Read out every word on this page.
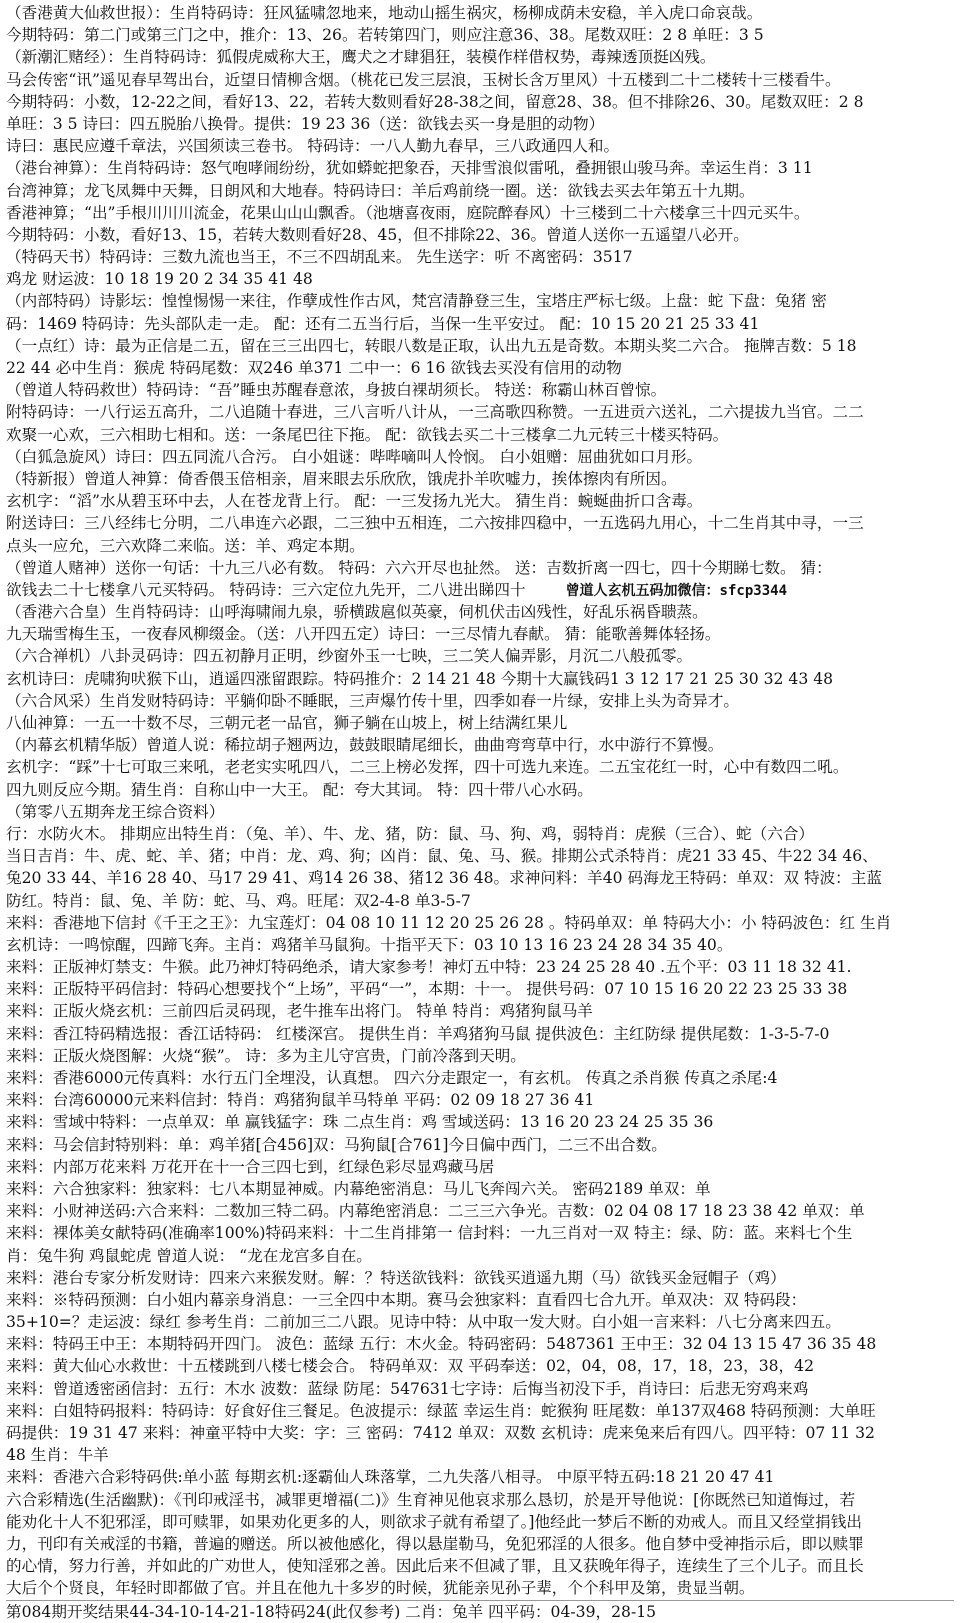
（香港黄大仙救世报）：生肖特码诗：狂风猛啸忽地来，地动山摇生祸灾，杨柳成荫未安稳，羊入虎口命哀哉。
今期特码：第二门或第三门之中，推介：13、26。若转第四门，则应注意36、38。尾数双旺：2 8 单旺：3 5
（新潮汇赌经）：生肖特码诗：狐假虎威称大王，鹰犬之才肆猖狂，装模作样借权势，毒辣透顶挺凶残。
马会传密“讯”遥见春早驾出台，近望日情柳含烟。（桃花已发三层浪，玉树长含万里风）十五楼到二十二楼转十三楼看牛。
今期特码：小数，12-22之间，看好13、22，若转大数则看好28-38之间，留意28、38。但不排除26、30。尾数双旺：2 8
单旺：3 5 诗曰：四五脱胎八换骨。提供：19 23 36（送：欲钱去买一身是胆的动物）
诗曰：惠民应遵千章法，兴国须读三卷书。 特码诗：一八人勤九春早，三八政通四人和。
（港台神算）：生肖特码诗：怒气咆哮闹纷纷，犹如蟒蛇把象吞，天排雪浪似雷吼，叠拥银山骏马奔。幸运生肖：3 11
台湾神算；龙飞凤舞中天舞，日朗风和大地春。特码诗曰：羊后鸡前绕一圈。送：欲钱去买去年第五十九期。
香港神算；“出”手根川川川流金，花果山山山飘香。（池塘喜夜雨，庭院醉春风）十三楼到二十六楼拿三十四元买牛。
今期特码：小数，看好13、15，若转大数则看好28、45，但不排除22、36。曾道人送你一五遥望八必开。
（特码天书）特码诗：三数九流也当王，不三不四胡乱来。 先生送字：听 不离密码：3517
鸡龙 财运波：10 18 19 20 2 34 35 41 48
（内部特码）诗影坛：惶惶惕惕一来往，作孽成性作古风，梵宫清静登三生，宝塔庄严标七级。上盘：蛇 下盘：兔猪 密
码：1469 特码诗：先头部队走一走。 配：还有二五当行后，当保一生平安过。 配：10 15 20 21 25 33 41
（一点红）诗：最为正信是二五，留在三三出四七，转眼八数是正取，认出九五是奇数。本期头奖二六合。 拖牌吉数：5 18
22 44 必中生肖：猴虎 特码尾数：双246 单371 二中一：6 16 欲钱去买没有信用的动物
（曾道人特码救世）特码诗：“吾”睡虫苏醒春意浓，身披白裸胡须长。 特送：称霸山林百曾惊。
附特码诗：一八行运五高升，二八追随十春进，三八言听八计从，一三高歌四称赞。一五进贡六送礼，二六提拔九当官。二二
欢聚一心欢，三六相助七相和。送：一条尾巴往下拖。 配：欲钱去买二十三楼拿二九元转三十楼买特码。
（白狐急旋风）诗曰：四五同流八合污。 白小姐谜：哔哔嘀叫人怜悯。 白小姐赠：屈曲犹如口月形。
（特新报）曾道人神算：倚香偎玉倍相亲，眉来眼去乐欣欣，饿虎扑羊吹嘘力，挨体擦肉有所因。
玄机字：“滔”水从碧玉环中去，人在苍龙背上行。 配：一三发扬九光大。 猜生肖：蜿蜒曲折口含毒。
附送诗曰：三八经纬七分明，二八串连六必跟，二三独中五相连，二六按排四稳中，一五选码九用心，十二生肖其中寻，一三
点头一应允，三六欢降二来临。送：羊、鸡定本期。
（曾道人赌神）送你一句话：十九三八必有数。 特码：六六开尽也扯然。 送：吉数折离一四七，四十今期睇七数。 猜：
欲钱去二十七楼拿八元买特码。 特码诗：三六定位九先开，二八进出睇四十	曾道人玄机五码加微信：sfcp3344
（香港六合皇）生肖特码诗：山呼海啸闹九泉，骄横跋扈似英豪，伺机伏击凶残性，好乱乐祸昏聩蒸。
九天瑞雪梅生玉，一夜春风柳缀金。（送：八开四五定）诗曰：一三尽情九春献。 猜：能歌善舞体轻扬。
（六合禅机）八卦灵码诗：四五初静月正明，纱窗外玉一七映，三二笑人偏弄影，月沉二八般孤零。
玄机诗曰：虎啸狗吠猴下山，逍遥四涨留跟踪。特码推介：2 14 21 48 今期十大赢钱码1 3 12 17 21 25 30 32 43 48
（六合风采）生肖发财特码诗：平躺仰卧不睡眠，三声爆竹传十里，四季如春一片绿，安排上头为奇异才。
八仙神算：一五一十数不尽，三朝元老一品官，狮子躺在山坡上，树上结满红果儿
（内幕玄机精华版）曾道人说：稀拉胡子翘两边，鼓鼓眼睛尾细长，曲曲弯弯草中行，水中游行不算慢。
玄机字：“踩”十七可取三来吼，老老实实吼四八，二三上榜必发挥，四十可选九来连。二五宝花红一时，心中有数四二吼。
四九则反应今期。猜生肖：自称山中一大王。 配：夸大其词。 特：四十带八心水码。
（第零八五期奔龙王综合资料）
行：水防火木。 排期应出特生肖：（兔、羊）、牛、龙、猪，防：鼠、马、狗、鸡，弱特肖：虎猴（三合）、蛇（六合）
当日吉肖：牛、虎、蛇、羊、猪；中肖：龙、鸡、狗；凶肖：鼠、兔、马、猴。排期公式杀特肖：虎21 33 45、牛22 34 46、
兔20 33 44、羊16 28 40、马17 29 41、鸡14 26 38、猪12 36 48。求神问料：羊40 码海龙王特码：单双：双 特波：主蓝
防红。特肖：鼠、兔、羊 防：蛇、马、鸡。旺尾：双2-4-8 单3-5-7
来料：香港地下信封《千王之王》：九宝莲灯：04 08 10 11 12 20 25 26 28 。特码单双：单 特码大小：小 特码波色：红 生肖
玄机诗：一鸣惊醒，四蹄飞奔。主肖：鸡猪羊马鼠狗。十指平天下：03 10 13 16 23 24 28 34 35 40。
来料：正版神灯禁支：牛猴。此乃神灯特码绝杀，请大家参考！神灯五中特：23 24 25 28 40 .五个平：03 11 18 32 41.
来料：正版特平码信封：特码心想要找个“上场”，平码“一”，本期：十一。 提供号码：07 10 15 16 20 22 23 25 33 38
来料：正版火烧玄机：三前四后灵码现，老牛推车出将门。 特单 特肖：鸡猪狗鼠马羊
来料：香江特码精选报：香江话特码： 红楼深宫。 提供生肖：羊鸡猪狗马鼠 提供波色：主红防绿 提供尾数：1-3-5-7-0
来料：正版火烧图解：火烧“猴”。 诗：多为主儿守宫贵，门前冷落到天明。
来料：香港6000元传真料：水行五门全埋没，认真想。 四六分走跟定一，有玄机。 传真之杀肖猴 传真之杀尾:4
来料：台湾60000元来料信封：特肖：鸡猪狗鼠羊马特单 平码：02 09 18 27 36 41
来料：雪域中特料：一点单双：单 赢钱猛字：珠 二点生肖：鸡 雪域送码：13 16 20 23 24 25 35 36
来料：马会信封特别料：单：鸡羊猪[合456]双：马狗鼠[合761]今日偏中西门，二三不出合数。
来料：内部万花来料 万花开在十一合三四七到，红绿色彩尽显鸡藏马居
来料：六合独家料：独家料：七八本期显神威。内幕绝密消息：马儿飞奔闯六关。 密码2189 单双：单
来料：小财神送码:六合来料：二数加三特二码。内幕绝密消息：二三三六争光。吉数：02 04 08 17 18 23 38 42 单双：单
来料：裸体美女献特码(准确率100%)特码来料：十二生肖排第一 信封料：一九三肖对一双 特主：绿、防：蓝。来料七个生
肖：兔牛狗 鸡鼠蛇虎 曾道人说： “龙在龙宫多自在。
来料：港台专家分析发财诗：四来六来猴发财。解：？特送欲钱料：欲钱买逍遥九期（马）欲钱买金冠帽子（鸡）
来料：※特码预测：白小姐内幕亲身消息：一三全四中本期。赛马会独家料：直看四七合九开。单双决：双 特码段：
35+10=？走运波：绿红 参考生肖：二前加三二八跟。见诗中特：从中取一发大财。白小姐一言来料：八七分离来四五。
来料：特码王中王：本期特码开四门。 波色：蓝绿 五行：木火金。特码密码：5487361 王中王：32 04 13 15 47 36 35 48
来料：黄大仙心水救世：十五楼跳到八楼七楼会合。 特码单双：双 平码奉送：02，04，08，17，18，23，38，42
来料：曾道透密函信封：五行：木水 波数：蓝绿 防尾：547631七字诗：后悔当初没下手，肖诗曰：后悲无穷鸡来鸡
来料：白姐特码报料：特码诗：好食好住三餐足。色波提示：绿蓝 幸运生肖：蛇猴狗 旺尾数：单137双468 特码预测：大单旺
码提供：19 31 47 来料：神童平特中大奖：字：三 密码：7412 单双：双数 玄机诗：虎来兔来后有四八。四平特：07 11 32
48 生肖：牛羊
来料：香港六合彩特码供:单小蓝 每期玄机:逐霸仙人珠落掌，二九失落八相寻。 中原平特五码:18 21 20 47 41
六合彩精选(生活幽默)：《刊印戒淫书，减罪更增福(二)》生育神见他哀求那么恳切，於是开导他说：[你既然已知道悔过，若
能劝化十人不犯邪淫，即可赎罪，如果劝化更多的人，则欲求子就有希望了。]他经此一梦后不断的劝戒人。而且又经堂捐钱出
力，刊印有关戒淫的书籍，普遍的赠送。所以被他感化，得以悬崖勒马，免犯邪淫的人很多。他自梦中受神指示后，即以赎罪
的心情，努力行善，并如此的广劝世人，使知淫邪之善。因此后来不但减了罪，且又获晚年得子，连续生了三个儿子。而且长
大后个个贤良，年轻时即都做了官。并且在他九十多岁的时候，犹能亲见孙子辈，个个科甲及第，贵显当朝。
第084期开奖结果44-34-10-14-21-18特码24(此仅参考) 二肖：兔羊 四平码：04-39，28-15
